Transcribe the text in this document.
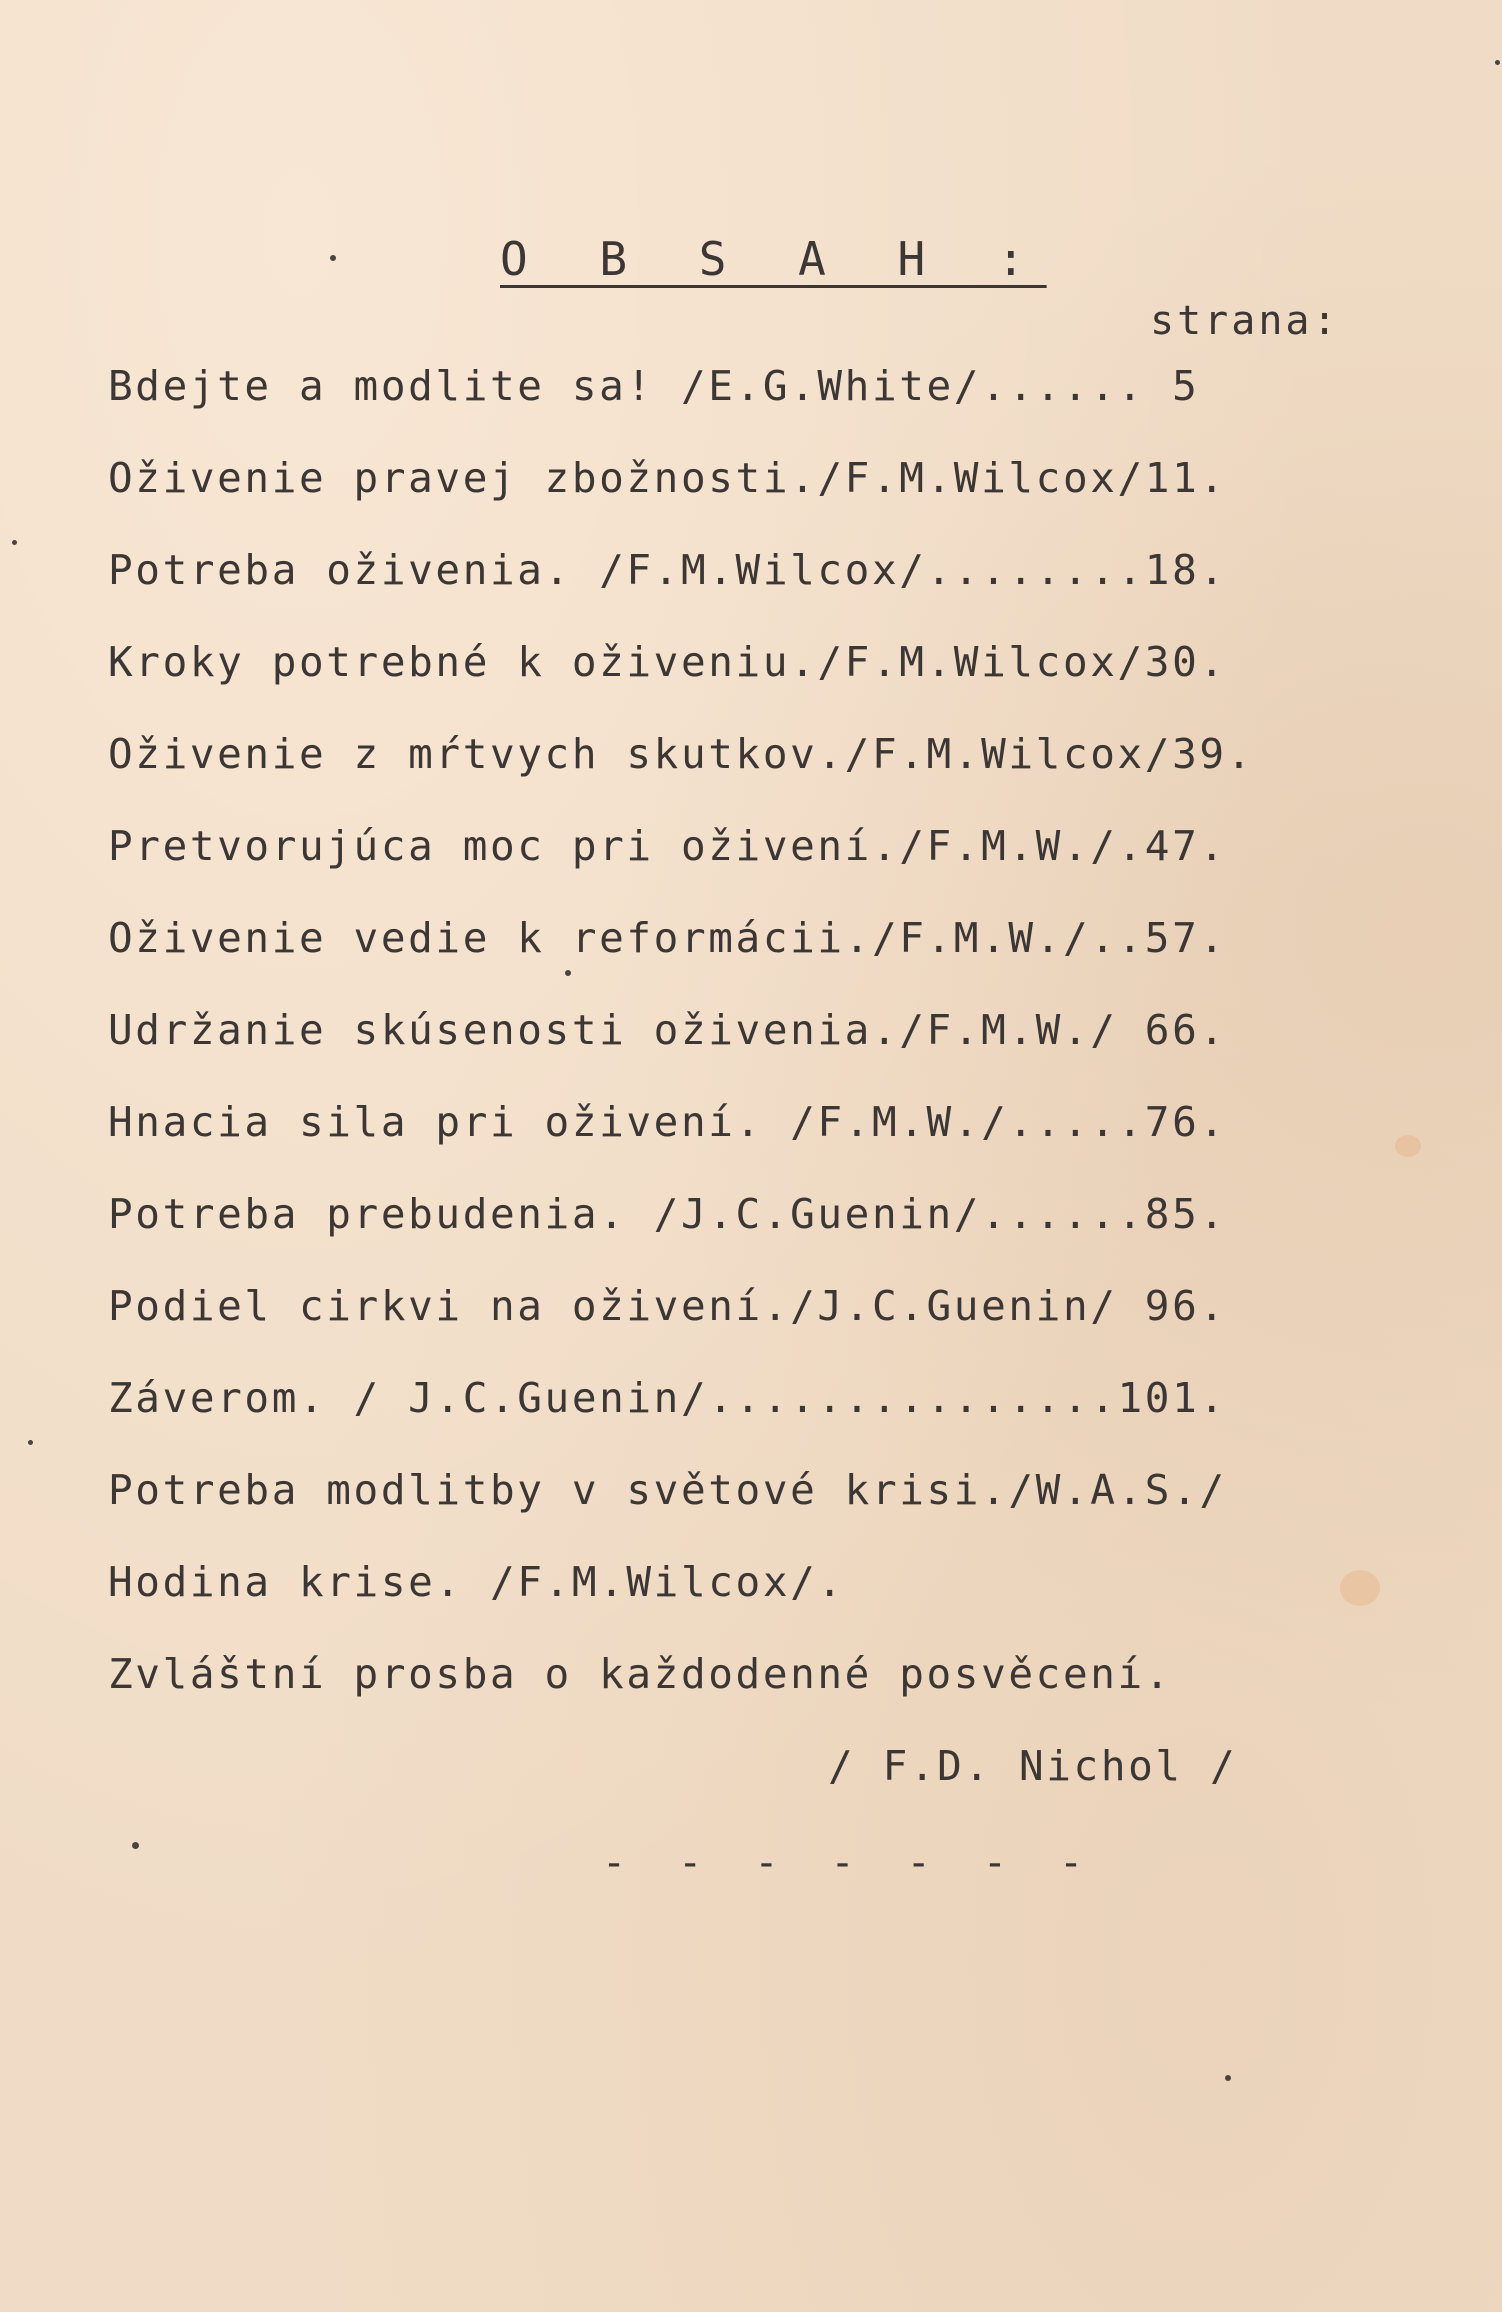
O B S A H :
strana:
Bdejte a modlite sa! /E.G.White/...... 5
Oživenie pravej zbožnosti./F.M.Wilcox/11.
Potreba oživenia. /F.M.Wilcox/........18.
Kroky potrebné k oživeniu./F.M.Wilcox/30.
Oživenie z mŕtvych skutkov./F.M.Wilcox/39.
Pretvorujúca moc pri oživení./F.M.W./.47.
Oživenie vedie k reformácii./F.M.W./..57.
Udržanie skúsenosti oživenia./F.M.W./ 66.
Hnacia sila pri oživení. /F.M.W./.....76.
Potreba prebudenia. /J.C.Guenin/......85.
Podiel cirkvi na oživení./J.C.Guenin/ 96.
Záverom. / J.C.Guenin/...............101.
Potreba modlitby v světové krisi./W.A.S./
Hodina krise. /F.M.Wilcox/.
Zvláštní prosba o každodenné posvěcení.
/ F.D. Nichol /
- - - - - - -
